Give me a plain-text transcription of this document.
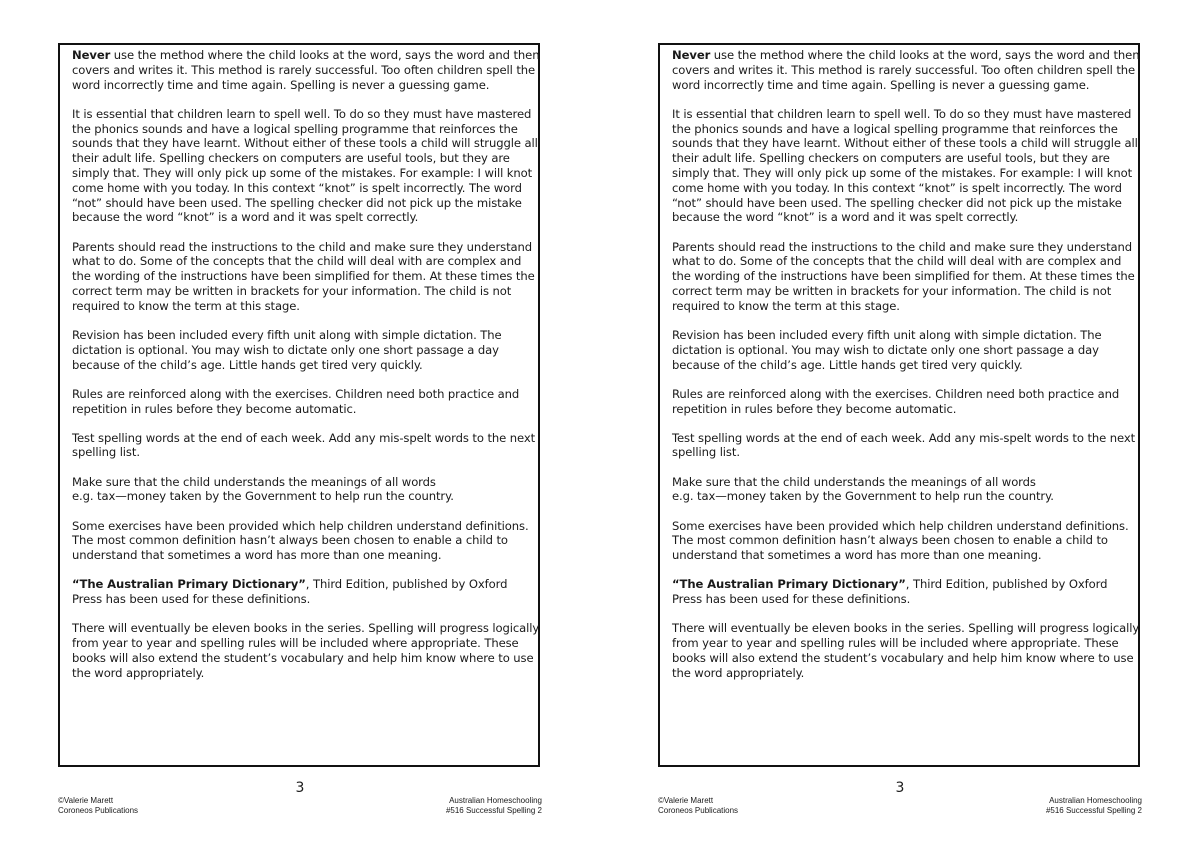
Never use the method where the child looks at the word, says the word and then covers and writes it. This method is rarely successful. Too often children spell the word incorrectly time and time again. Spelling is never a guessing game.

It is essential that children learn to spell well. To do so they must have mastered the phonics sounds and have a logical spelling programme that reinforces the sounds that they have learnt. Without either of these tools a child will struggle all their adult life. Spelling checkers on computers are useful tools, but they are simply that. They will only pick up some of the mistakes. For example: I will knot come home with you today. In this context “knot” is spelt incorrectly. The word “not” should have been used. The spelling checker did not pick up the mistake because the word “knot” is a word and it was spelt correctly.

Parents should read the instructions to the child and make sure they understand what to do. Some of the concepts that the child will deal with are complex and the wording of the instructions have been simplified for them. At these times the correct term may be written in brackets for your information. The child is not required to know the term at this stage.

Revision has been included every fifth unit along with simple dictation. The dictation is optional. You may wish to dictate only one short passage a day because of the child’s age. Little hands get tired very quickly.

Rules are reinforced along with the exercises. Children need both practice and repetition in rules before they become automatic.

Test spelling words at the end of each week. Add any mis-spelt words to the next spelling list.

Make sure that the child understands the meanings of all words
e.g. tax—money taken by the Government to help run the country.

Some exercises have been provided which help children understand definitions. The most common definition hasn’t always been chosen to enable a child to understand that sometimes a word has more than one meaning.

“The Australian Primary Dictionary”, Third Edition, published by Oxford Press has been used for these definitions.

There will eventually be eleven books in the series. Spelling will progress logically from year to year and spelling rules will be included where appropriate. These books will also extend the student’s vocabulary and help him know where to use the word appropriately.

3
©Valerie Marett
Coroneos Publications
Australian Homeschooling
#516 Successful Spelling 2

Never use the method where the child looks at the word, says the word and then covers and writes it. This method is rarely successful. Too often children spell the word incorrectly time and time again. Spelling is never a guessing game.

It is essential that children learn to spell well. To do so they must have mastered the phonics sounds and have a logical spelling programme that reinforces the sounds that they have learnt. Without either of these tools a child will struggle all their adult life. Spelling checkers on computers are useful tools, but they are simply that. They will only pick up some of the mistakes. For example: I will knot come home with you today. In this context “knot” is spelt incorrectly. The word “not” should have been used. The spelling checker did not pick up the mistake because the word “knot” is a word and it was spelt correctly.

Parents should read the instructions to the child and make sure they understand what to do. Some of the concepts that the child will deal with are complex and the wording of the instructions have been simplified for them. At these times the correct term may be written in brackets for your information. The child is not required to know the term at this stage.

Revision has been included every fifth unit along with simple dictation. The dictation is optional. You may wish to dictate only one short passage a day because of the child’s age. Little hands get tired very quickly.

Rules are reinforced along with the exercises. Children need both practice and repetition in rules before they become automatic.

Test spelling words at the end of each week. Add any mis-spelt words to the next spelling list.

Make sure that the child understands the meanings of all words
e.g. tax—money taken by the Government to help run the country.

Some exercises have been provided which help children understand definitions. The most common definition hasn’t always been chosen to enable a child to understand that sometimes a word has more than one meaning.

“The Australian Primary Dictionary”, Third Edition, published by Oxford Press has been used for these definitions.

There will eventually be eleven books in the series. Spelling will progress logically from year to year and spelling rules will be included where appropriate. These books will also extend the student’s vocabulary and help him know where to use the word appropriately.

3
©Valerie Marett
Coroneos Publications
Australian Homeschooling
#516 Successful Spelling 2
